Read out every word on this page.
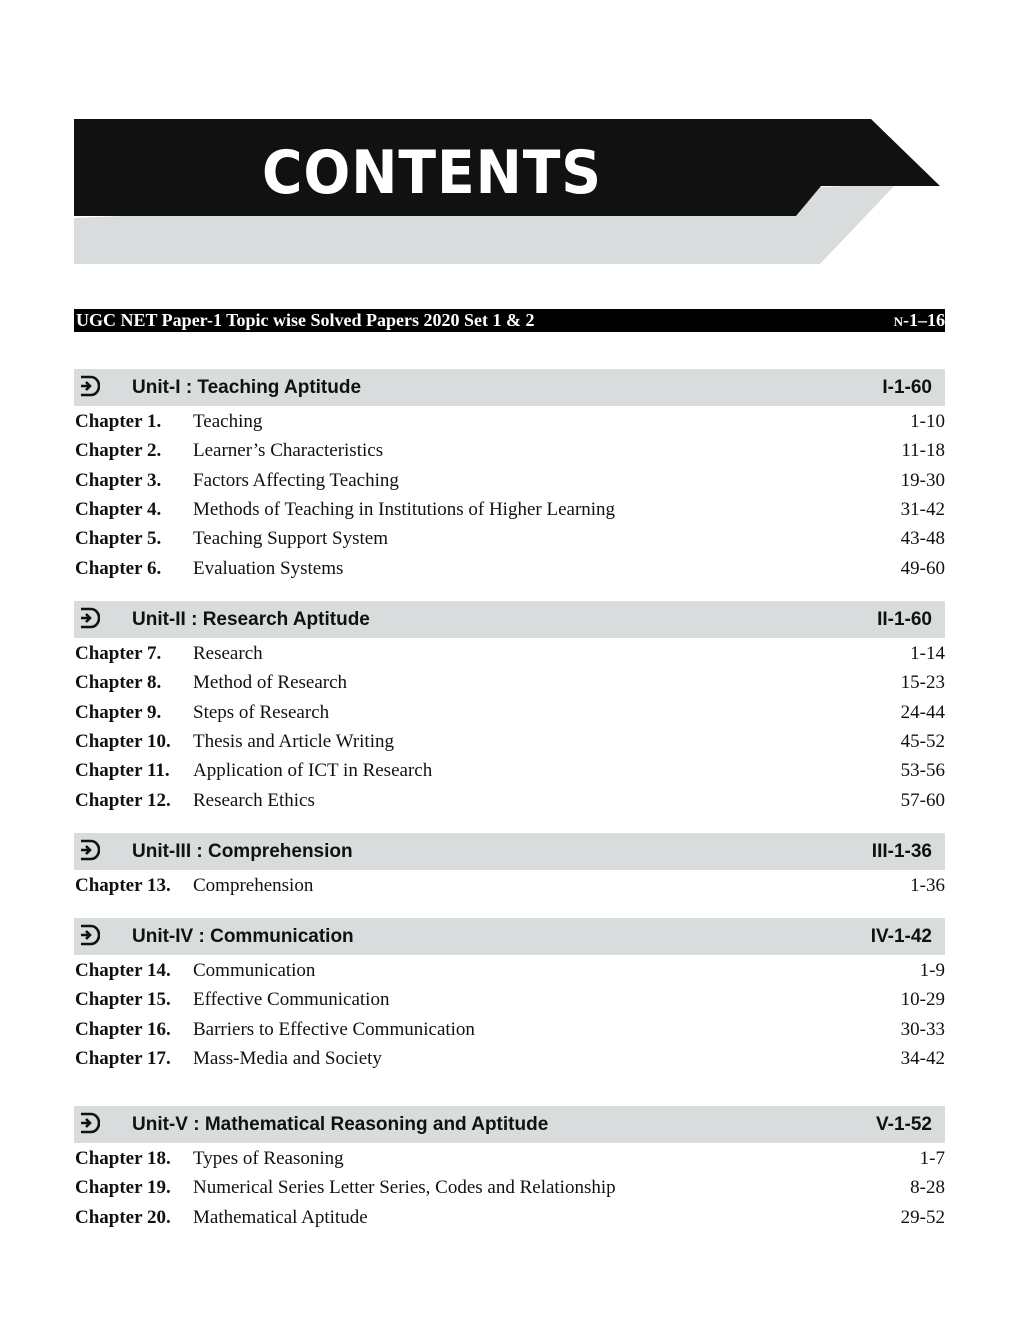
CONTENTS
UGC NET Paper-1 Topic wise Solved Papers 2020 Set 1 & 2	N-1–16
Unit-I : Teaching Aptitude	I-1-60
Chapter 1. Teaching	1-10
Chapter 2. Learner’s Characteristics	11-18
Chapter 3. Factors Affecting Teaching	19-30
Chapter 4. Methods of Teaching in Institutions of Higher Learning	31-42
Chapter 5. Teaching Support System	43-48
Chapter 6. Evaluation Systems	49-60
Unit-II : Research Aptitude	II-1-60
Chapter 7. Research	1-14
Chapter 8. Method of Research	15-23
Chapter 9. Steps of Research	24-44
Chapter 10. Thesis and Article Writing	45-52
Chapter 11. Application of ICT in Research	53-56
Chapter 12. Research Ethics	57-60
Unit-III : Comprehension	III-1-36
Chapter 13. Comprehension	1-36
Unit-IV : Communication	IV-1-42
Chapter 14. Communication	1-9
Chapter 15. Effective Communication	10-29
Chapter 16. Barriers to Effective Communication	30-33
Chapter 17. Mass-Media and Society	34-42
Unit-V : Mathematical Reasoning and Aptitude	V-1-52
Chapter 18. Types of Reasoning	1-7
Chapter 19. Numerical Series Letter Series, Codes and Relationship	8-28
Chapter 20. Mathematical Aptitude	29-52
